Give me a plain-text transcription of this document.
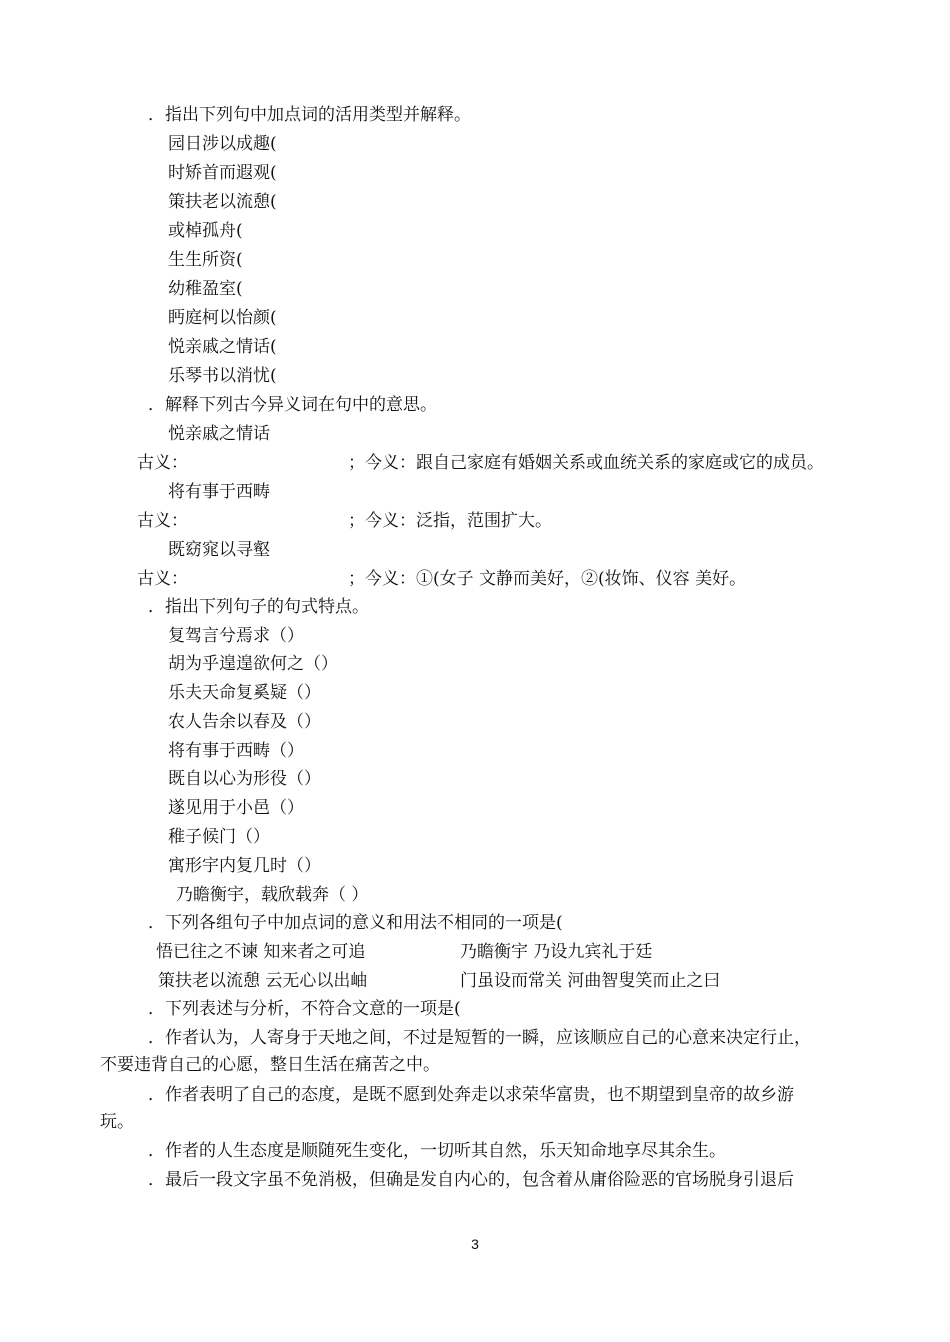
．指出下列句中加点词的活用类型并解释。
园日涉以成趣(
时矫首而遐观(
策扶老以流憩(
或棹孤舟(
生生所资(
幼稚盈室(
眄庭柯以怡颜(
悦亲戚之情话(
乐琴书以消忧(
．解释下列古今异义词在句中的意思。
悦亲戚之情话
古义：	；今义：跟自己家庭有婚姻关系或血统关系的家庭或它的成员。
将有事于西畴
古义：	；今义：泛指，范围扩大。
既窈窕以寻壑
古义：	；今义：①(女子 文静而美好，②(妆饰、仪容 美好。
．指出下列句子的句式特点。
复驾言兮焉求（）
胡为乎遑遑欲何之（）
乐夫天命复奚疑（）
农人告余以春及（）
将有事于西畴（）
既自以心为形役（）
遂见用于小邑（）
稚子候门（）
寓形宇内复几时（）
乃瞻衡宇，载欣载奔（ ）
．下列各组句子中加点词的意义和用法不相同的一项是(
悟已往之不谏 知来者之可追	乃瞻衡宇 乃设九宾礼于廷
策扶老以流憩 云无心以出岫	门虽设而常关 河曲智叟笑而止之曰
．下列表述与分析，不符合文意的一项是(
．作者认为，人寄身于天地之间，不过是短暂的一瞬，应该顺应自己的心意来决定行止，
不要违背自己的心愿，整日生活在痛苦之中。
．作者表明了自己的态度，是既不愿到处奔走以求荣华富贵，也不期望到皇帝的故乡游
玩。
．作者的人生态度是顺随死生变化，一切听其自然，乐天知命地享尽其余生。
．最后一段文字虽不免消极，但确是发自内心的，包含着从庸俗险恶的官场脱身引退后
3
